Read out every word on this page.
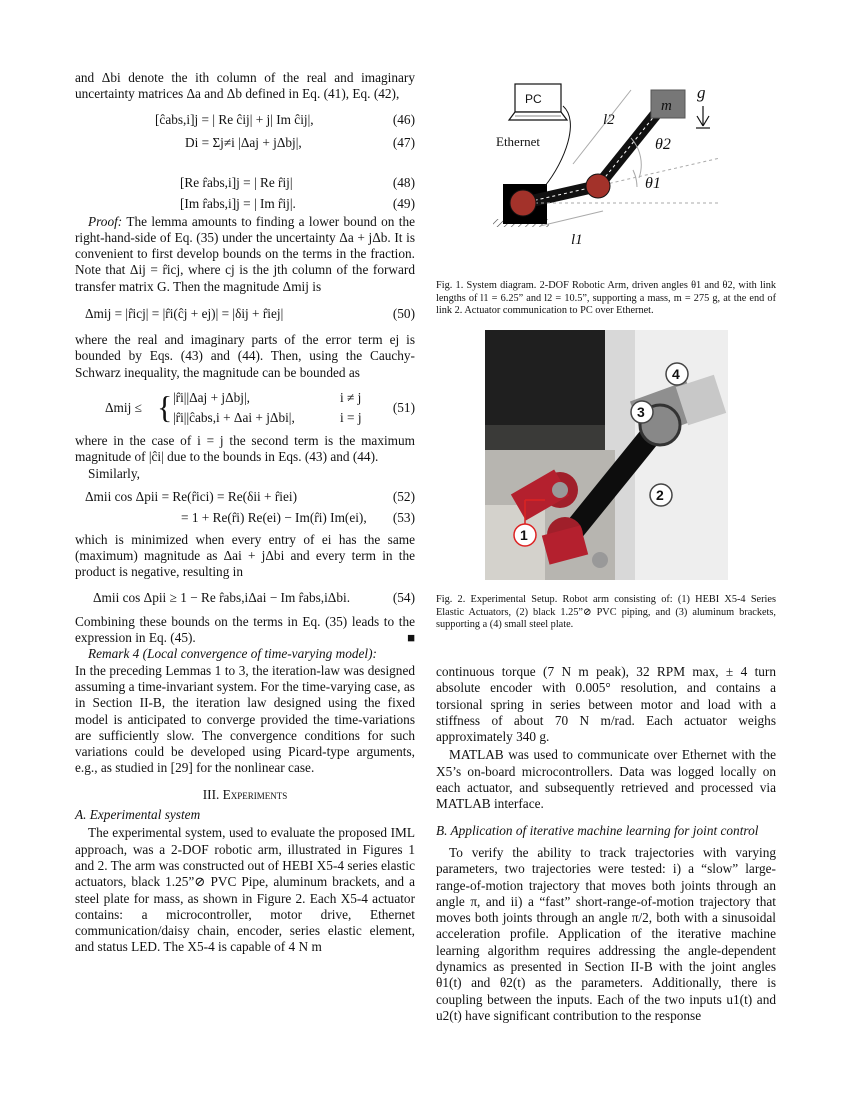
and Δbi denote the ith column of the real and imaginary uncertainty matrices Δa and Δb defined in Eq. (41), Eq. (42),

[ĉabs,i]j = | Re ĉij| + j| Im ĉij|,	(46)
Di = Σj≠i |Δaj + jΔbj|,	(47)
[Re r̂abs,i]j = | Re r̂ij|	(48)
[Im r̂abs,i]j = | Im r̂ij|.	(49)

Proof: The lemma amounts to finding a lower bound on the right-hand-side of Eq. (35) under the uncertainty Δa + jΔb. It is convenient to first develop bounds on the terms in the fraction. Note that Δij = r̂icj, where cj is the jth column of the forward transfer matrix G. Then the magnitude Δmij is

Δmij = |r̂icj| = |r̂i(ĉj + ej)| = |δij + r̂iej|	(50)

where the real and imaginary parts of the error term ej is bounded by Eqs. (43) and (44). Then, using the Cauchy-Schwarz inequality, the magnitude can be bounded as

Δmij ≤ { |r̂i||Δaj + jΔbj|,	i ≠ j
|r̂i||ĉabs,i + Δai + jΔbi|,	i = j
(51)

where in the case of i = j the second term is the maximum magnitude of |ĉi| due to the bounds in Eqs. (43) and (44).

Similarly,

Δmii cos Δpii = Re(r̂ici) = Re(δii + r̂iei)	(52)
= 1 + Re(r̂i) Re(ei) − Im(r̂i) Im(ei), (53)

which is minimized when every entry of ei has the same (maximum) magnitude as Δai + jΔbi and every term in the product is negative, resulting in

Δmii cos Δpii ≥ 1 − Re r̂abs,iΔai − Im r̂abs,iΔbi.	(54)

Combining these bounds on the terms in Eq. (35) leads to the expression in Eq. (45).	■

Remark 4 (Local convergence of time-varying model):

In the preceding Lemmas 1 to 3, the iteration-law was designed assuming a time-invariant system. For the time-varying case, as in Section II-B, the iteration law designed using the fixed model is anticipated to converge provided the time-variations are sufficiently slow. The convergence conditions for such variations could be developed using Picard-type arguments, e.g., as studied in [29] for the nonlinear case.

III. Experiments
A. Experimental system

The experimental system, used to evaluate the proposed IML approach, was a 2-DOF robotic arm, illustrated in Figures 1 and 2. The arm was constructed out of HEBI X5-4 series elastic actuators, black 1.25”⊘ PVC Pipe, aluminum brackets, and a steel plate for mass, as shown in Figure 2. Each X5-4 actuator contains: a microcontroller, motor drive, Ethernet communication/daisy chain, encoder, series elastic element, and status LED. The X5-4 is capable of 4 N m

m
g
l2
l1
θ1
θ2
PC
Ethernet
Fig. 1. System diagram. 2-DOF Robotic Arm, driven angles θ1 and θ2, with link lengths of l1 = 6.25” and l2 = 10.5”, supporting a mass, m = 275 g, at the end of link 2. Actuator communication to PC over Ethernet.
1
2
3
4
Fig. 2. Experimental Setup. Robot arm consisting of: (1) HEBI X5-4 Series Elastic Actuators, (2) black 1.25”⊘ PVC piping, and (3) aluminum brackets, supporting a (4) small steel plate.

continuous torque (7 N m peak), 32 RPM max, ± 4 turn absolute encoder with 0.005° resolution, and contains a torsional spring in series between motor and load with a stiffness of about 70 N m/rad. Each actuator weighs approximately 340 g.

MATLAB was used to communicate over Ethernet with the X5’s on-board microcontrollers. Data was logged locally on each actuator, and subsequently retrieved and processed via MATLAB interface.

B. Application of iterative machine learning for joint control

To verify the ability to track trajectories with varying parameters, two trajectories were tested: i) a “slow” large-range-of-motion trajectory that moves both joints through an angle π, and ii) a “fast” short-range-of-motion trajectory that moves both joints through an angle π/2, both with a sinusoidal acceleration profile. Application of the iterative machine learning algorithm requires addressing the angle-dependent dynamics as presented in Section II-B with the joint angles θ1(t) and θ2(t) as the parameters. Additionally, there is coupling between the inputs. Each of the two inputs u1(t) and u2(t) have significant contribution to the response
